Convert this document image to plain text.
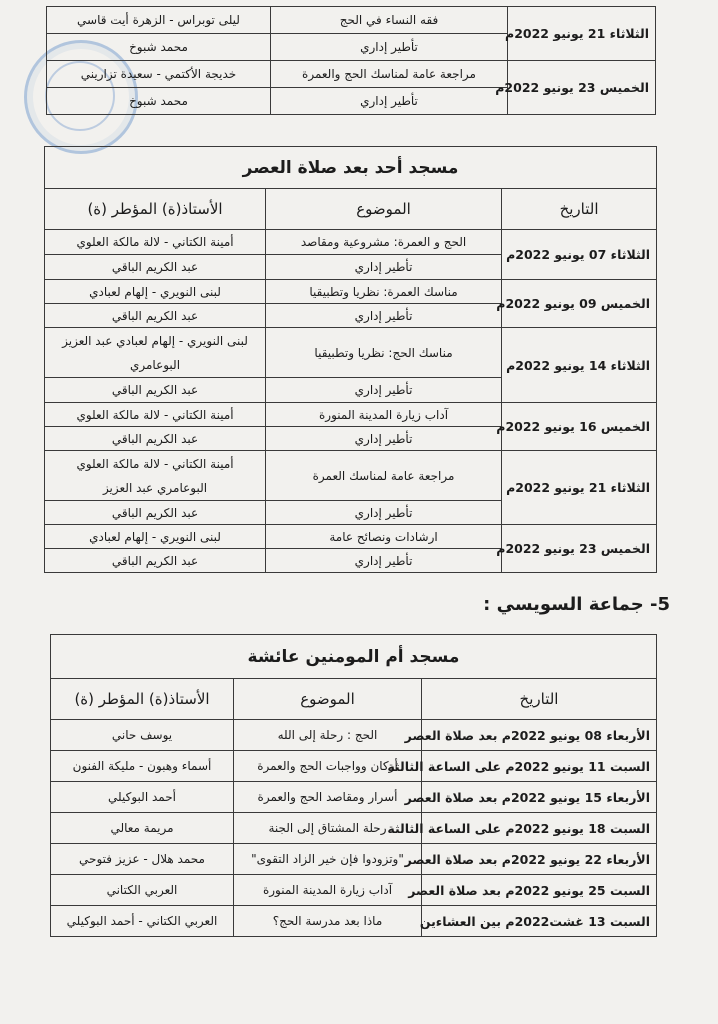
الثلاثاء 21 يونيو 2022م	فقه النساء في الحج	ليلى توبراس - الزهرة أيت قاسي
	تأطير إداري	محمد شبوخ
الخميس 23 يونيو 2022م	مراجعة عامة لمناسك الحج والعمرة	خديجة الأكتمي - سعيدة تزاريني
	تأطير إداري	محمد شبوخ
مسجد أحد بعد صلاة العصر		
التاريخ	الموضوع	الأستاذ(ة) المؤطر (ة)
الثلاثاء 07 يونيو 2022م	الحج و العمرة: مشروعية ومقاصد	أمينة الكتاني - لالة مالكة العلوي
	تأطير إداري	عبد الكريم الباقي
الخميس 09 يونيو 2022م	مناسك العمرة: نظريا وتطبيقيا	لبنى النويري - إلهام لعبادي
	تأطير إداري	عبد الكريم الباقي
الثلاثاء 14 يونيو 2022م	مناسك الحج: نظريا وتطبيقيا	لبنى النويري - إلهام لعبادي عبد العزيز البوعامري
	تأطير إداري	عبد الكريم الباقي
الخميس 16 يونيو 2022م	آداب زيارة المدينة المنورة	أمينة الكتاني - لالة مالكة العلوي
	تأطير إداري	عبد الكريم الباقي
الثلاثاء 21 يونيو 2022م	مراجعة عامة لمناسك العمرة	أمينة الكتاني - لالة مالكة العلوي البوعامري عبد العزيز
	تأطير إداري	عبد الكريم الباقي
الخميس 23 يونيو 2022م	ارشادات ونصائح عامة	لبنى النويري - إلهام لعبادي
	تأطير إداري	عبد الكريم الباقي
5- جماعة السويسي :
مسجد أم المومنين عائشة		
التاريخ	الموضوع	الأستاذ(ة) المؤطر (ة)
الأربعاء 08 يونيو 2022م بعد صلاة العصر	الحج : رحلة إلى الله	يوسف حاني
السبت 11 يونيو 2022م على الساعة الثالثة	أركان وواجبات الحج والعمرة	أسماء وهبون - مليكة الفنون
الأربعاء 15 يونيو 2022م بعد صلاة العصر	أسرار ومقاصد الحج والعمرة	أحمد البوكيلي
السبت 18 يونيو 2022م على الساعة الثالثة	رحلة المشتاق إلى الجنة	مريمة معالي
الأربعاء 22 يونيو 2022م بعد صلاة العصر	"وتزودوا فإن خير الزاد التقوى"	محمد هلال - عزيز فتوحي
السبت 25 يونيو 2022م بعد صلاة العصر	آداب زيارة المدينة المنورة	العربي الكتاني
السبت 13 غشت2022م بين العشاءين	ماذا بعد مدرسة الحج؟	العربي الكتاني - أحمد البوكيلي
